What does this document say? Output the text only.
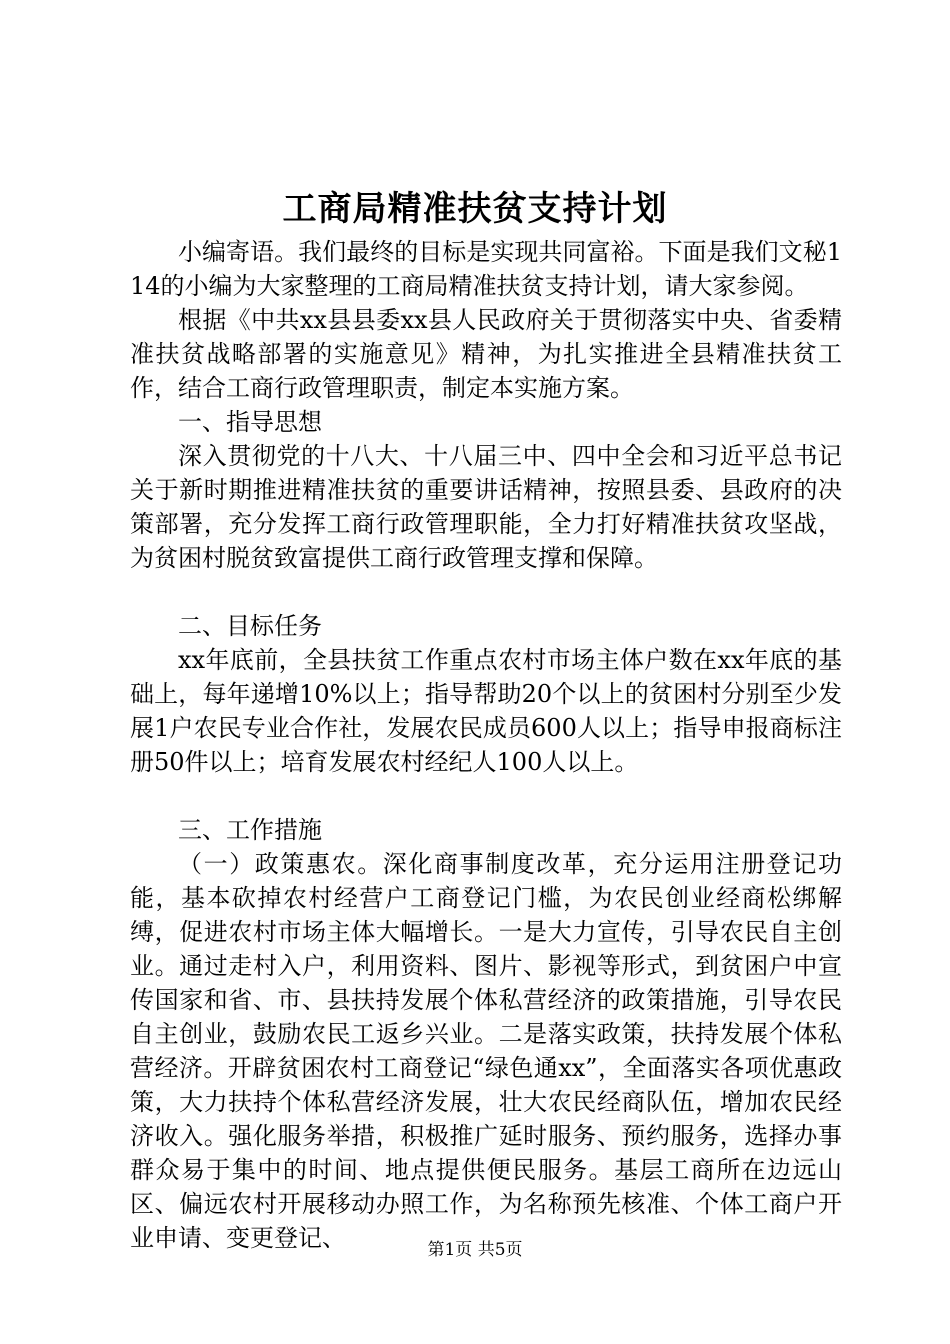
工商局精准扶贫支持计划

小编寄语。我们最终的目标是实现共同富裕。下面是我们文秘114的小编为大家整理的工商局精准扶贫支持计划，请大家参阅。

根据《中共xx县县委xx县人民政府关于贯彻落实中央、省委精准扶贫战略部署的实施意见》精神，为扎实推进全县精准扶贫工作，结合工商行政管理职责，制定本实施方案。

一、指导思想

深入贯彻党的十八大、十八届三中、四中全会和习近平总书记关于新时期推进精准扶贫的重要讲话精神，按照县委、县政府的决策部署，充分发挥工商行政管理职能，全力打好精准扶贫攻坚战，为贫困村脱贫致富提供工商行政管理支撑和保障。

二、目标任务

xx年底前，全县扶贫工作重点农村市场主体户数在xx年底的基础上，每年递增10%以上；指导帮助20个以上的贫困村分别至少发展1户农民专业合作社，发展农民成员600人以上；指导申报商标注册50件以上；培育发展农村经纪人100人以上。

三、工作措施

（一）政策惠农。深化商事制度改革，充分运用注册登记功能，基本砍掉农村经营户工商登记门槛，为农民创业经商松绑解缚，促进农村市场主体大幅增长。一是大力宣传，引导农民自主创业。通过走村入户，利用资料、图片、影视等形式，到贫困户中宣传国家和省、市、县扶持发展个体私营经济的政策措施，引导农民自主创业，鼓励农民工返乡兴业。二是落实政策，扶持发展个体私营经济。开辟贫困农村工商登记“绿色通xx”，全面落实各项优惠政策，大力扶持个体私营经济发展，壮大农民经商队伍，增加农民经济收入。强化服务举措，积极推广延时服务、预约服务，选择办事群众易于集中的时间、地点提供便民服务。基层工商所在边远山区、偏远农村开展移动办照工作，为名称预先核准、个体工商户开业申请、变更登记、	第1页 共5页
